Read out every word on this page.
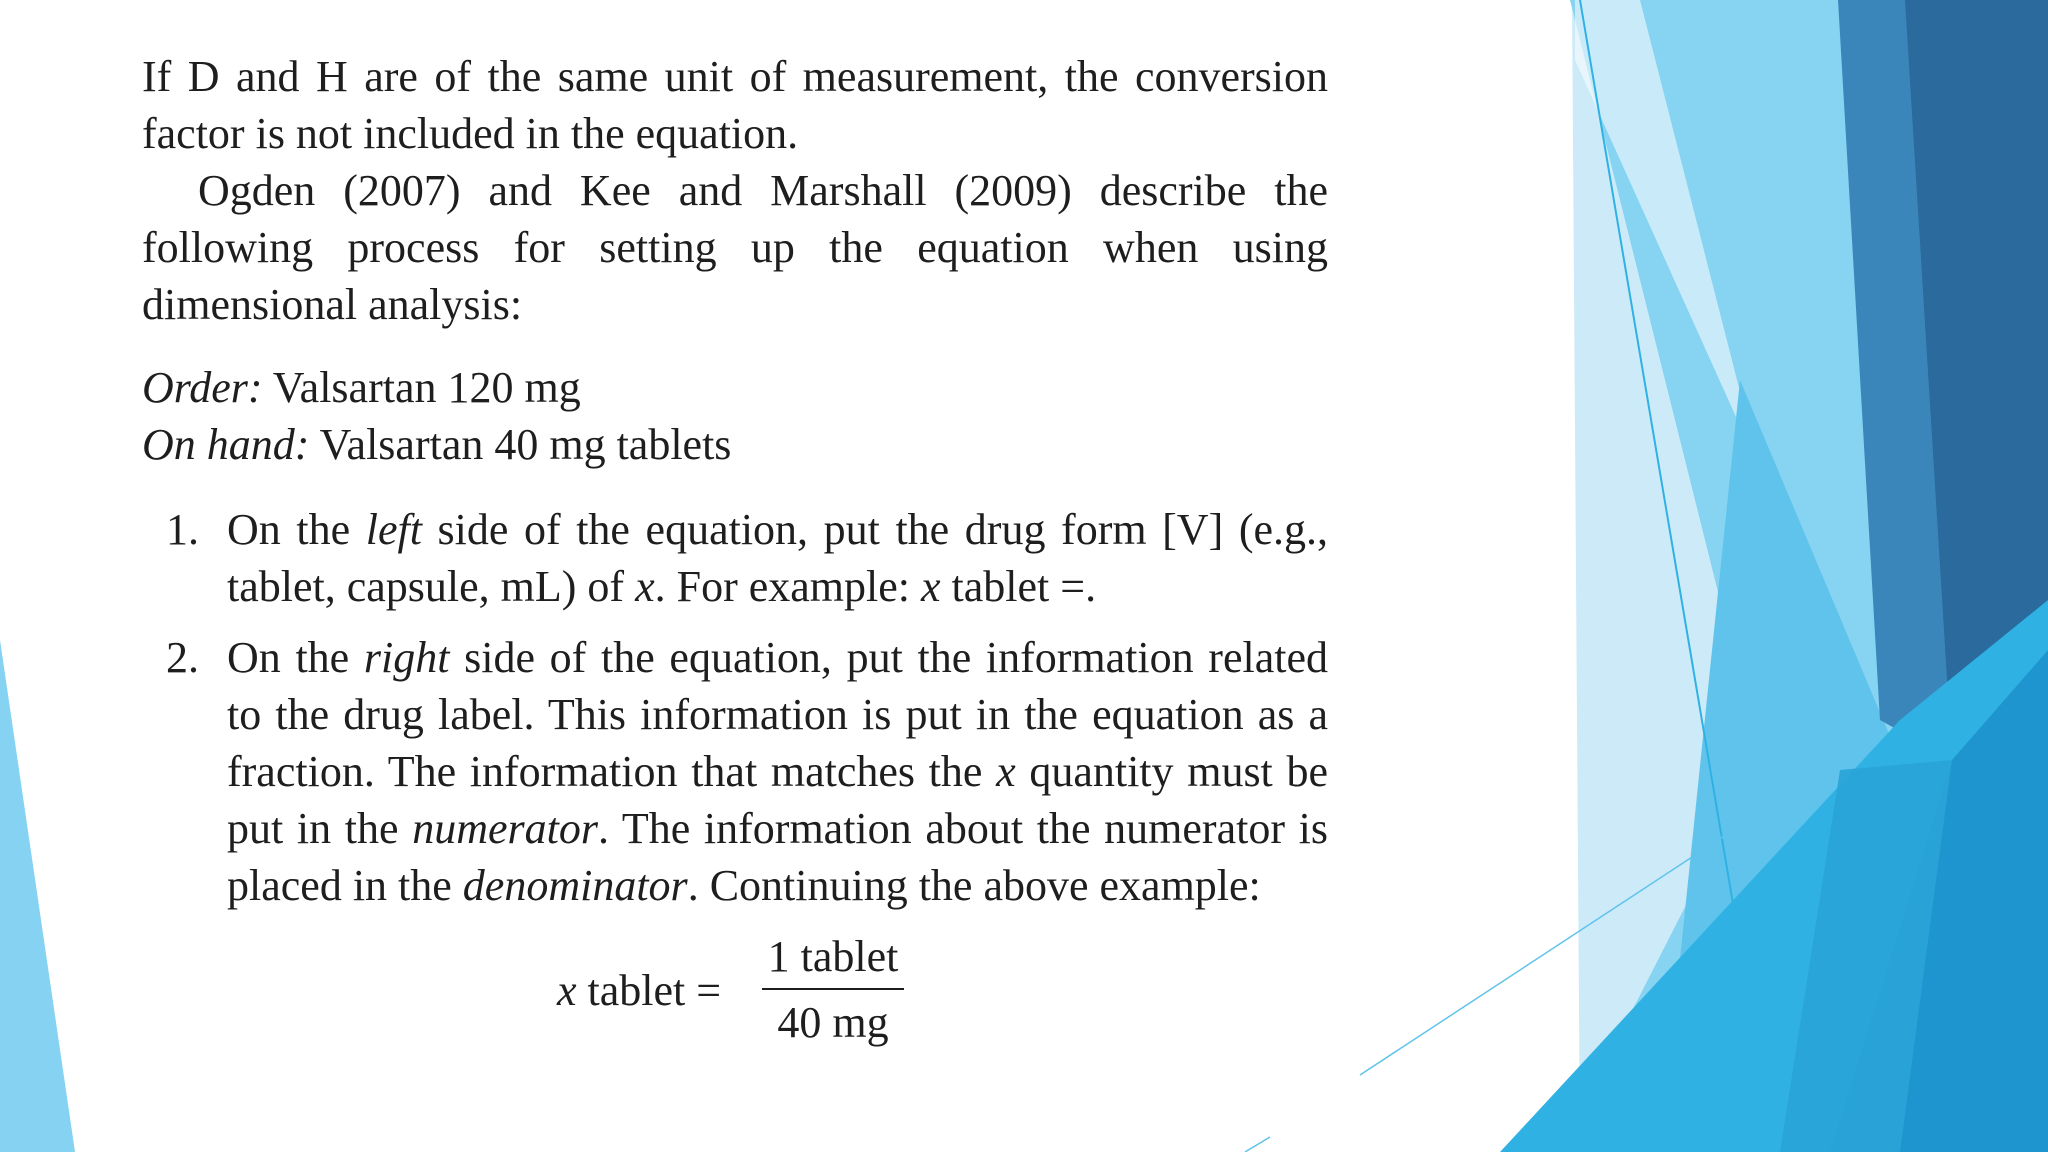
If D and H are of the same unit of measurement, the conversion factor is not included in the equation.

Ogden (2007) and Kee and Marshall (2009) describe the following process for setting up the equation when using dimensional analysis:

Order: Valsartan 120 mg

On hand: Valsartan 40 mg tablets

1. On the left side of the equation, put the drug form [V] (e.g., tablet, capsule, mL) of x. For example: x tablet =.
2. On the right side of the equation, put the information related to the drug label. This information is put in the equation as a fraction. The information that matches the x quantity must be put in the numerator. The information about the numerator is placed in the denominator. Continuing the above example:
x tablet =
1 tablet
40 mg
